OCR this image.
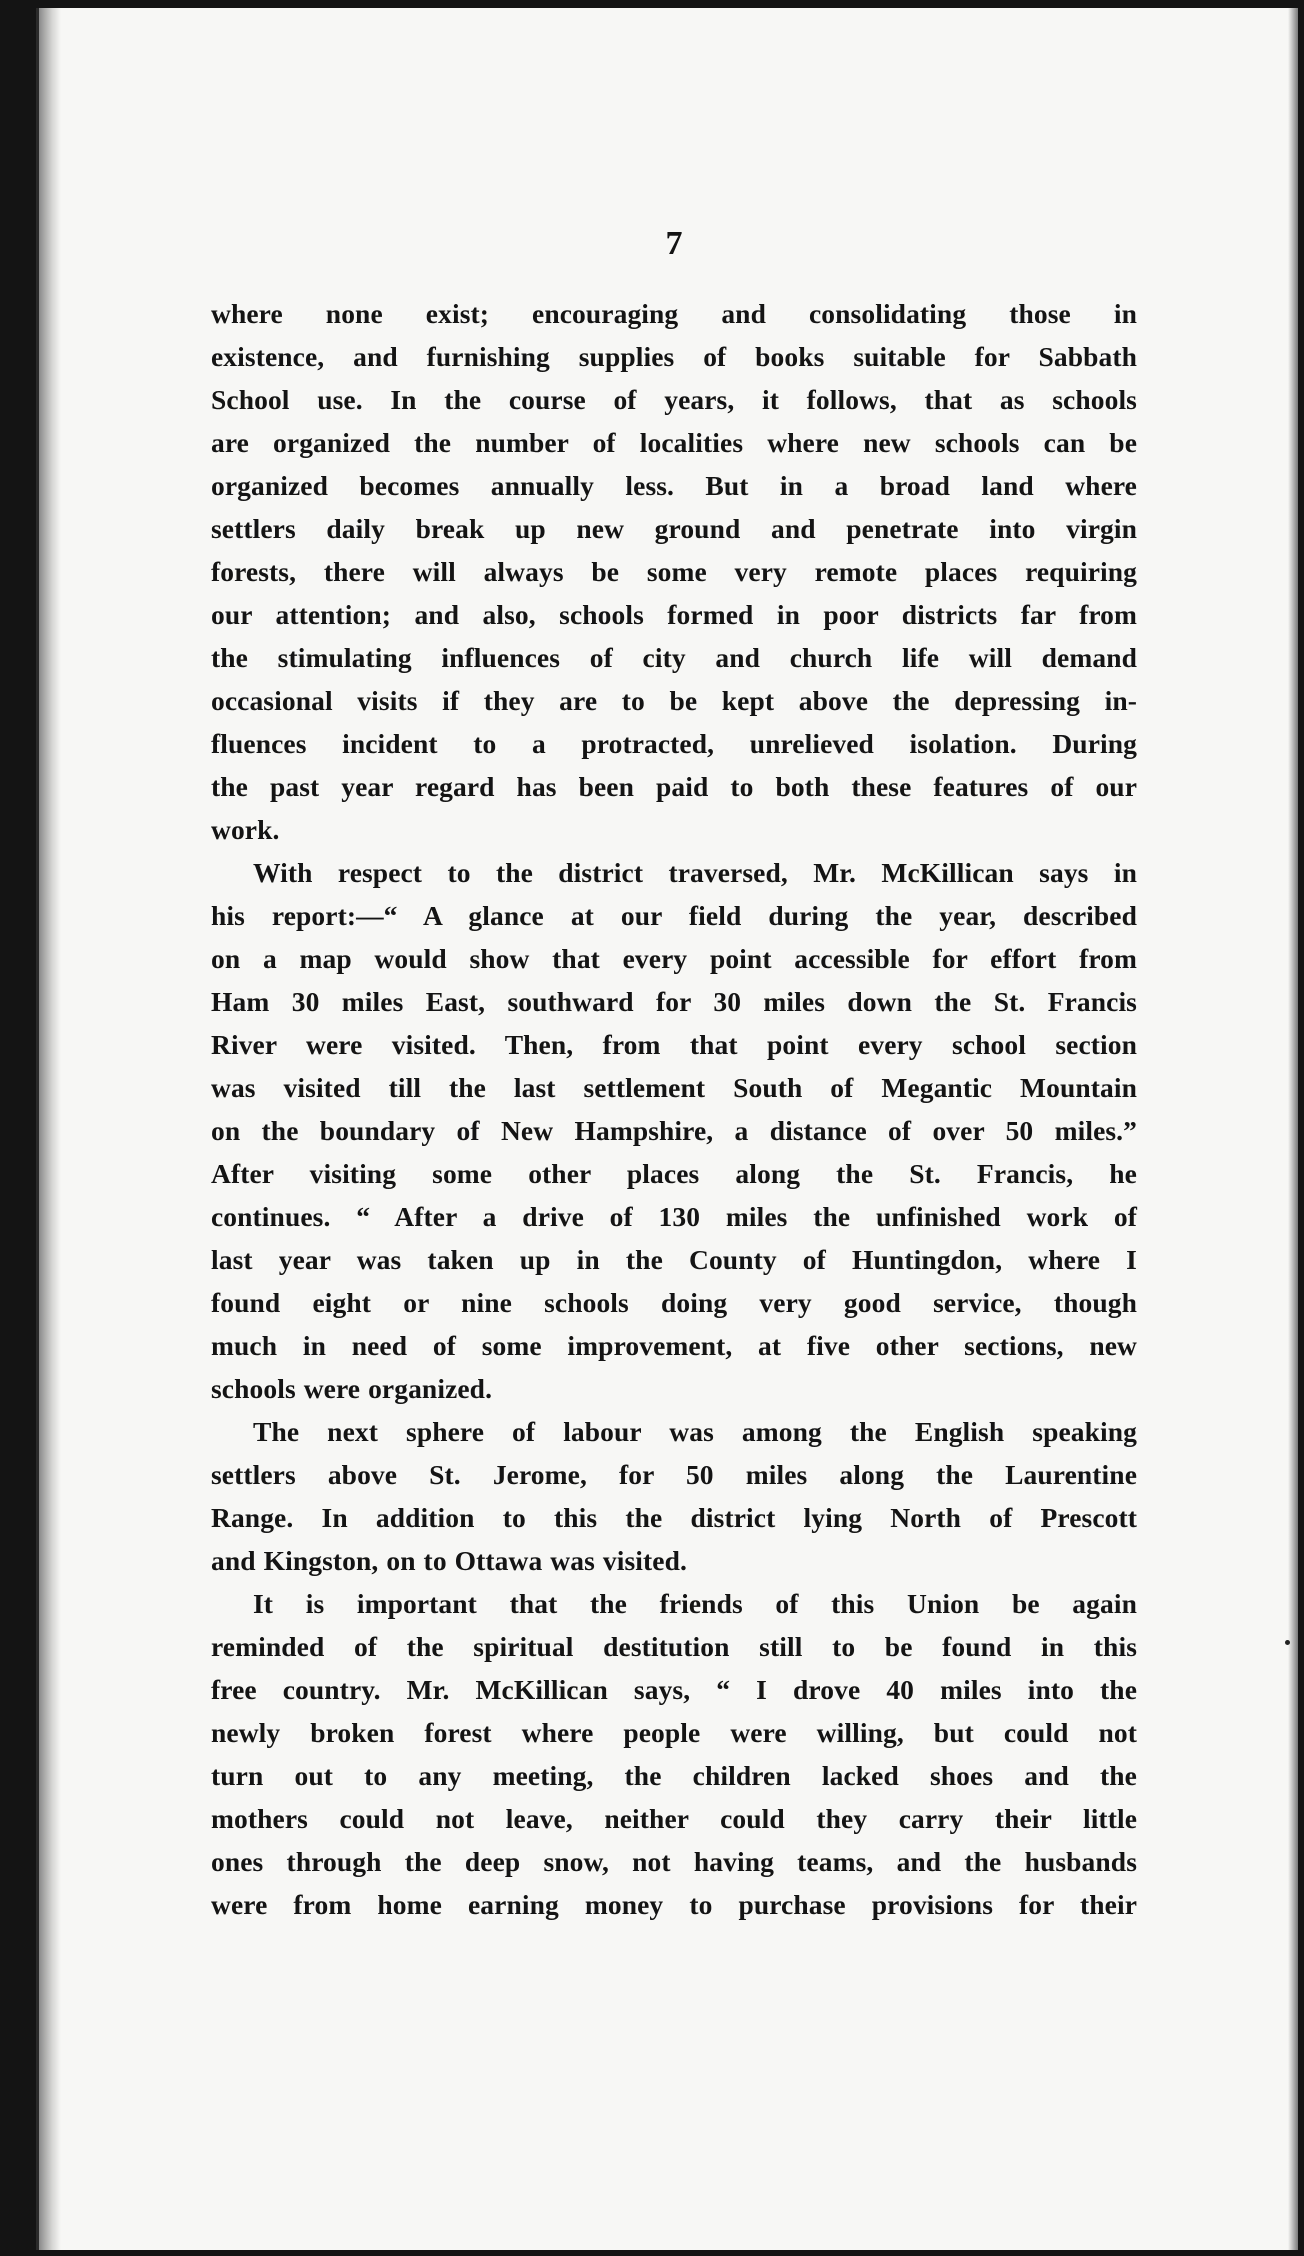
7

where none exist; encouraging and consolidating those in
existence, and furnishing supplies of books suitable for Sabbath
School use. In the course of years, it follows, that as schools
are organized the number of localities where new schools can be
organized becomes annually less. But in a broad land where
settlers daily break up new ground and penetrate into virgin
forests, there will always be some very remote places requiring
our attention; and also, schools formed in poor districts far from
the stimulating influences of city and church life will demand
occasional visits if they are to be kept above the depressing in-
fluences incident to a protracted, unrelieved isolation. During
the past year regard has been paid to both these features of our
work.
With respect to the district traversed, Mr. McKillican says in
his report:—“ A glance at our field during the year, described
on a map would show that every point accessible for effort from
Ham 30 miles East, southward for 30 miles down the St. Francis
River were visited. Then, from that point every school section
was visited till the last settlement South of Megantic Mountain
on the boundary of New Hampshire, a distance of over 50 miles.”
After visiting some other places along the St. Francis, he
continues. “ After a drive of 130 miles the unfinished work of
last year was taken up in the County of Huntingdon, where I
found eight or nine schools doing very good service, though
much in need of some improvement, at five other sections, new
schools were organized.
The next sphere of labour was among the English speaking
settlers above St. Jerome, for 50 miles along the Laurentine
Range. In addition to this the district lying North of Prescott
and Kingston, on to Ottawa was visited.
It is important that the friends of this Union be again
reminded of the spiritual destitution still to be found in this
free country. Mr. McKillican says, “ I drove 40 miles into the
newly broken forest where people were willing, but could not
turn out to any meeting, the children lacked shoes and the
mothers could not leave, neither could they carry their little
ones through the deep snow, not having teams, and the husbands
were from home earning money to purchase provisions for their
